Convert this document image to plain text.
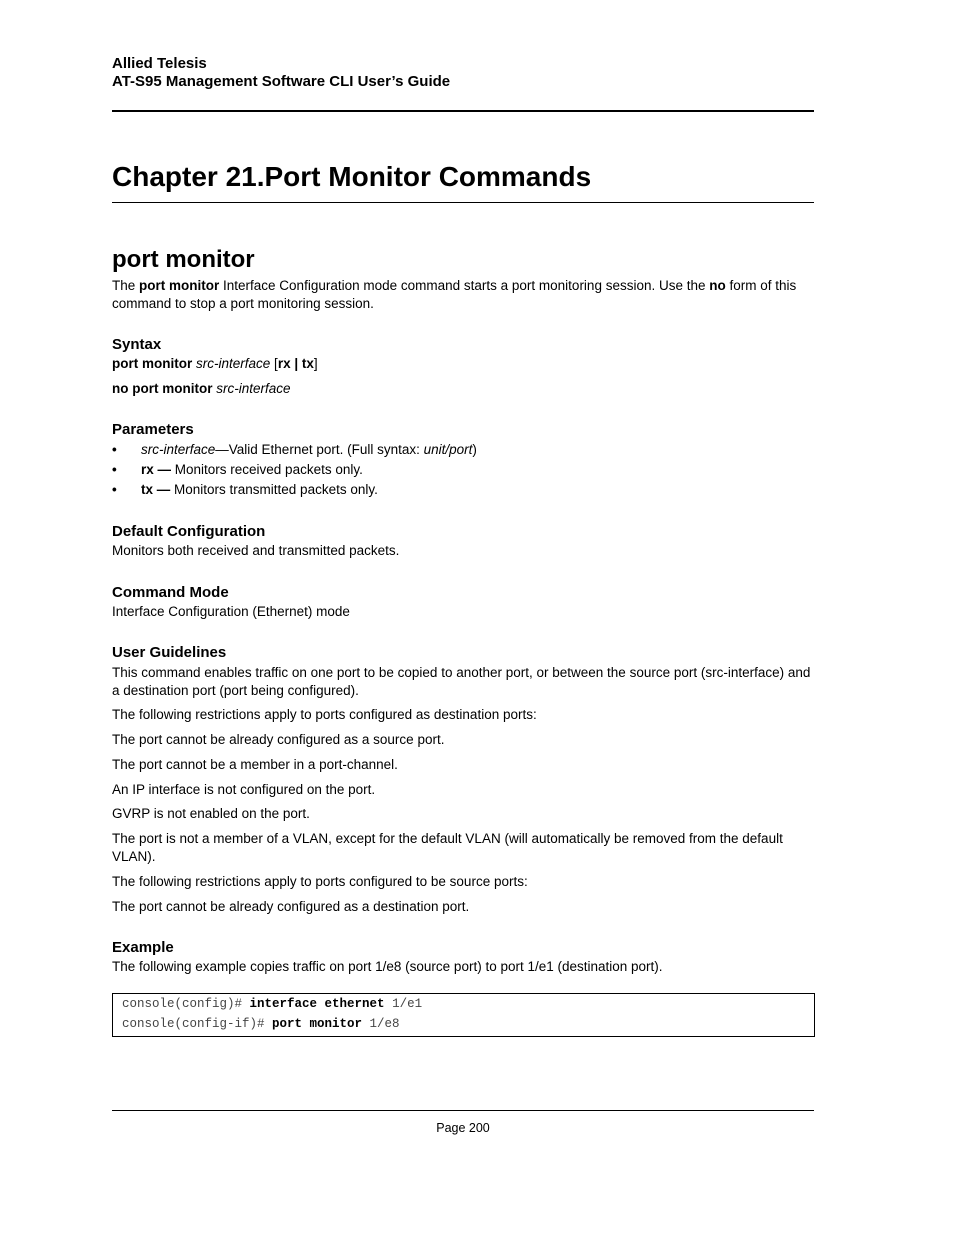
Allied Telesis
AT-S95 Management Software CLI User’s Guide
Chapter 21.Port Monitor Commands
port monitor
The port monitor Interface Configuration mode command starts a port monitoring session. Use the no form of this command to stop a port monitoring session.
Syntax
port monitor src-interface [rx | tx]
no port monitor src-interface
Parameters
• src-interface—Valid Ethernet port. (Full syntax: unit/port)
• rx — Monitors received packets only.
• tx — Monitors transmitted packets only.
Default Configuration
Monitors both received and transmitted packets.
Command Mode
Interface Configuration (Ethernet) mode
User Guidelines
This command enables traffic on one port to be copied to another port, or between the source port (src-interface) and a destination port (port being configured).
The following restrictions apply to ports configured as destination ports:
The port cannot be already configured as a source port.
The port cannot be a member in a port-channel.
An IP interface is not configured on the port.
GVRP is not enabled on the port.
The port is not a member of a VLAN, except for the default VLAN (will automatically be removed from the default VLAN).
The following restrictions apply to ports configured to be source ports:
The port cannot be already configured as a destination port.
Example
The following example copies traffic on port 1/e8 (source port) to port 1/e1 (destination port).
console(config)# interface ethernet 1/e1
console(config-if)# port monitor 1/e8
Page 200
